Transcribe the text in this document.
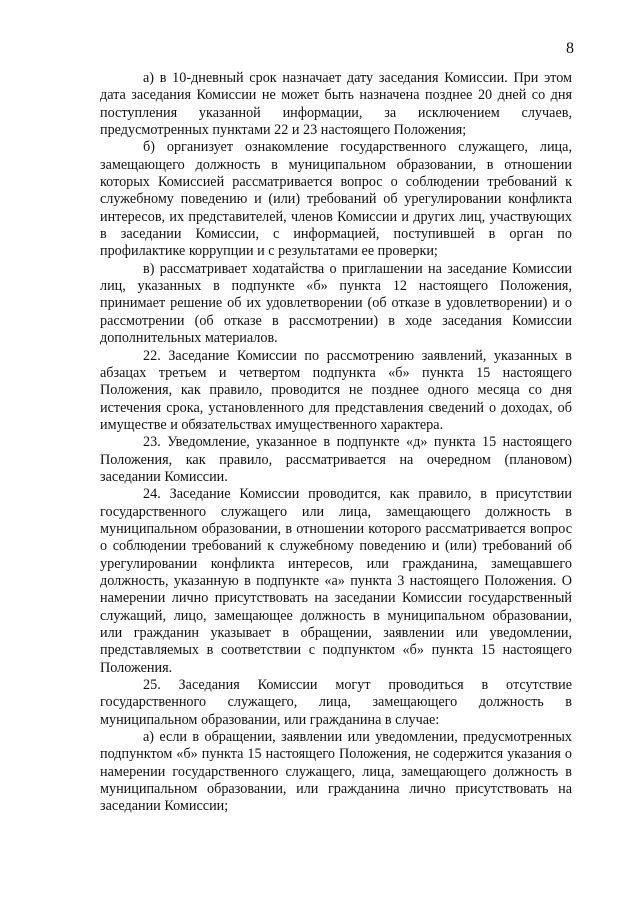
8

а) в 10-дневный срок назначает дату заседания Комиссии. При этом дата заседания Комиссии не может быть назначена позднее 20 дней со дня поступления указанной информации, за исключением случаев, предусмотренных пунктами 22 и 23 настоящего Положения;

б) организует ознакомление государственного служащего, лица, замещающего должность в муниципальном образовании, в отношении которых Комиссией рассматривается вопрос о соблюдении требований к служебному поведению и (или) требований об урегулировании конфликта интересов, их представителей, членов Комиссии и других лиц, участвующих в заседании Комиссии, с информацией, поступившей в орган по профилактике коррупции и с результатами ее проверки;

в) рассматривает ходатайства о приглашении на заседание Комиссии лиц, указанных в подпункте «б» пункта 12 настоящего Положения, принимает решение об их удовлетворении (об отказе в удовлетворении) и о рассмотрении (об отказе в рассмотрении) в ходе заседания Комиссии дополнительных материалов.

22. Заседание Комиссии по рассмотрению заявлений, указанных в абзацах третьем и четвертом подпункта «б» пункта 15 настоящего Положения, как правило, проводится не позднее одного месяца со дня истечения срока, установленного для представления сведений о доходах, об имуществе и обязательствах имущественного характера.

23. Уведомление, указанное в подпункте «д» пункта 15 настоящего Положения, как правило, рассматривается на очередном (плановом) заседании Комиссии.

24. Заседание Комиссии проводится, как правило, в присутствии государственного служащего или лица, замещающего должность в муниципальном образовании, в отношении которого рассматривается вопрос о соблюдении требований к служебному поведению и (или) требований об урегулировании конфликта интересов, или гражданина, замещавшего должность, указанную в подпункте «а» пункта 3 настоящего Положения. О намерении лично присутствовать на заседании Комиссии государственный служащий, лицо, замещающее должность в муниципальном образовании, или гражданин указывает в обращении, заявлении или уведомлении, представляемых в соответствии с подпунктом «б» пункта 15 настоящего Положения.

25. Заседания Комиссии могут проводиться в отсутствие государственного служащего, лица, замещающего должность в муниципальном образовании, или гражданина в случае:

а) если в обращении, заявлении или уведомлении, предусмотренных подпунктом «б» пункта 15 настоящего Положения, не содержится указания о намерении государственного служащего, лица, замещающего должность в муниципальном образовании, или гражданина лично присутствовать на заседании Комиссии;
